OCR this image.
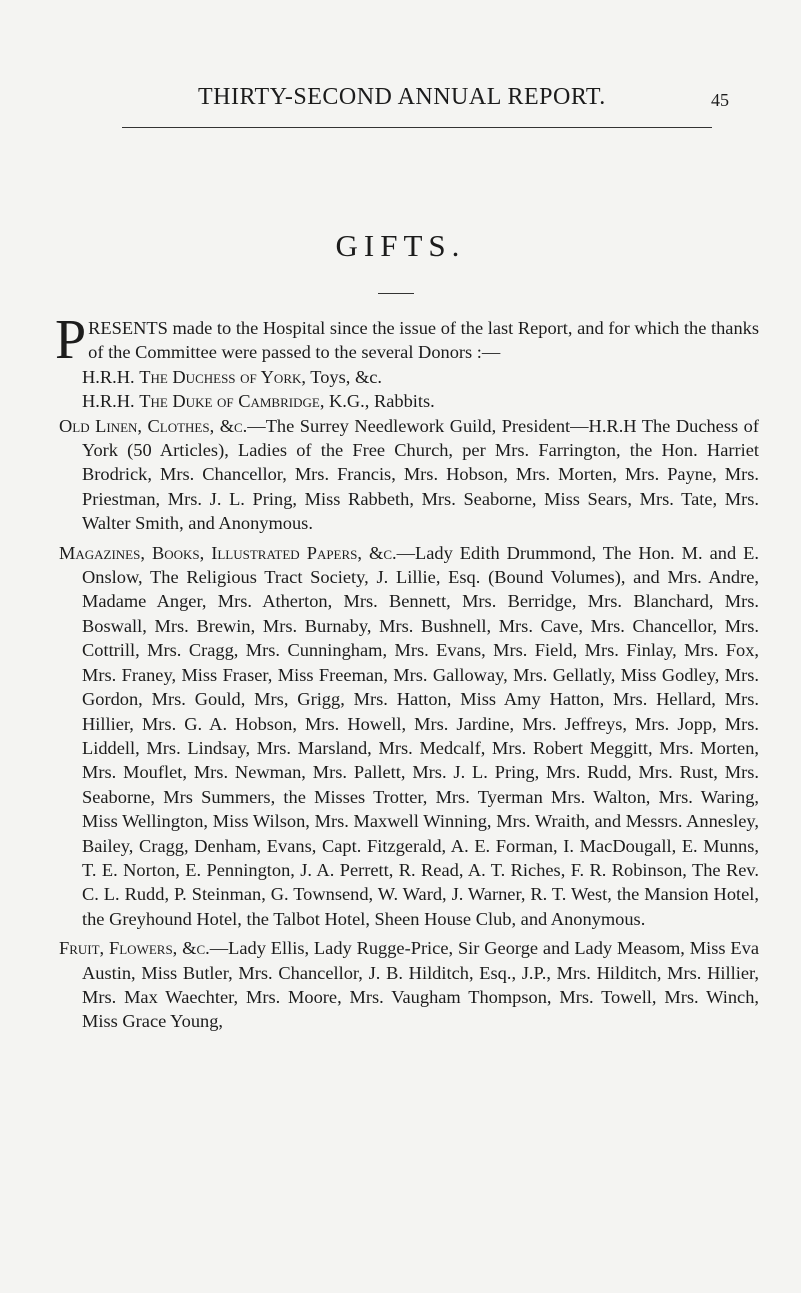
THIRTY-SECOND ANNUAL REPORT.	45
GIFTS.

PRESENTS made to the Hospital since the issue of the last Report, and for which the thanks of the Committee were passed to the several Donors :—

H.R.H. The Duchess of York, Toys, &c.

H.R.H. The Duke of Cambridge, K.G., Rabbits.

Old Linen, Clothes, &c.—The Surrey Needlework Guild, President—H.R.H The Duchess of York (50 Articles), Ladies of the Free Church, per Mrs. Farrington, the Hon. Harriet Brodrick, Mrs. Chancellor, Mrs. Francis, Mrs. Hobson, Mrs. Morten, Mrs. Payne, Mrs. Priestman, Mrs. J. L. Pring, Miss Rabbeth, Mrs. Seaborne, Miss Sears, Mrs. Tate, Mrs. Walter Smith, and Anonymous.

Magazines, Books, Illustrated Papers, &c.—Lady Edith Drummond, The Hon. M. and E. Onslow, The Religious Tract Society, J. Lillie, Esq. (Bound Volumes), and Mrs. Andre, Madame Anger, Mrs. Atherton, Mrs. Bennett, Mrs. Berridge, Mrs. Blanchard, Mrs. Boswall, Mrs. Brewin, Mrs. Burnaby, Mrs. Bushnell, Mrs. Cave, Mrs. Chancellor, Mrs. Cottrill, Mrs. Cragg, Mrs. Cunningham, Mrs. Evans, Mrs. Field, Mrs. Finlay, Mrs. Fox, Mrs. Franey, Miss Fraser, Miss Freeman, Mrs. Galloway, Mrs. Gellatly, Miss Godley, Mrs. Gordon, Mrs. Gould, Mrs, Grigg, Mrs. Hatton, Miss Amy Hatton, Mrs. Hellard, Mrs. Hillier, Mrs. G. A. Hobson, Mrs. Howell, Mrs. Jardine, Mrs. Jeffreys, Mrs. Jopp, Mrs. Liddell, Mrs. Lindsay, Mrs. Marsland, Mrs. Medcalf, Mrs. Robert Meggitt, Mrs. Morten, Mrs. Mouflet, Mrs. Newman, Mrs. Pallett, Mrs. J. L. Pring, Mrs. Rudd, Mrs. Rust, Mrs. Seaborne, Mrs Summers, the Misses Trotter, Mrs. Tyerman Mrs. Walton, Mrs. Waring, Miss Wellington, Miss Wilson, Mrs. Maxwell Winning, Mrs. Wraith, and Messrs. Annesley, Bailey, Cragg, Denham, Evans, Capt. Fitzgerald, A. E. Forman, I. MacDougall, E. Munns, T. E. Norton, E. Pennington, J. A. Perrett, R. Read, A. T. Riches, F. R. Robinson, The Rev. C. L. Rudd, P. Steinman, G. Townsend, W. Ward, J. Warner, R. T. West, the Mansion Hotel, the Greyhound Hotel, the Talbot Hotel, Sheen House Club, and Anonymous.

Fruit, Flowers, &c.—Lady Ellis, Lady Rugge-Price, Sir George and Lady Measom, Miss Eva Austin, Miss Butler, Mrs. Chancellor, J. B. Hilditch, Esq., J.P., Mrs. Hilditch, Mrs. Hillier, Mrs. Max Waechter, Mrs. Moore, Mrs. Vaugham Thompson, Mrs. Towell, Mrs. Winch, Miss Grace Young,
